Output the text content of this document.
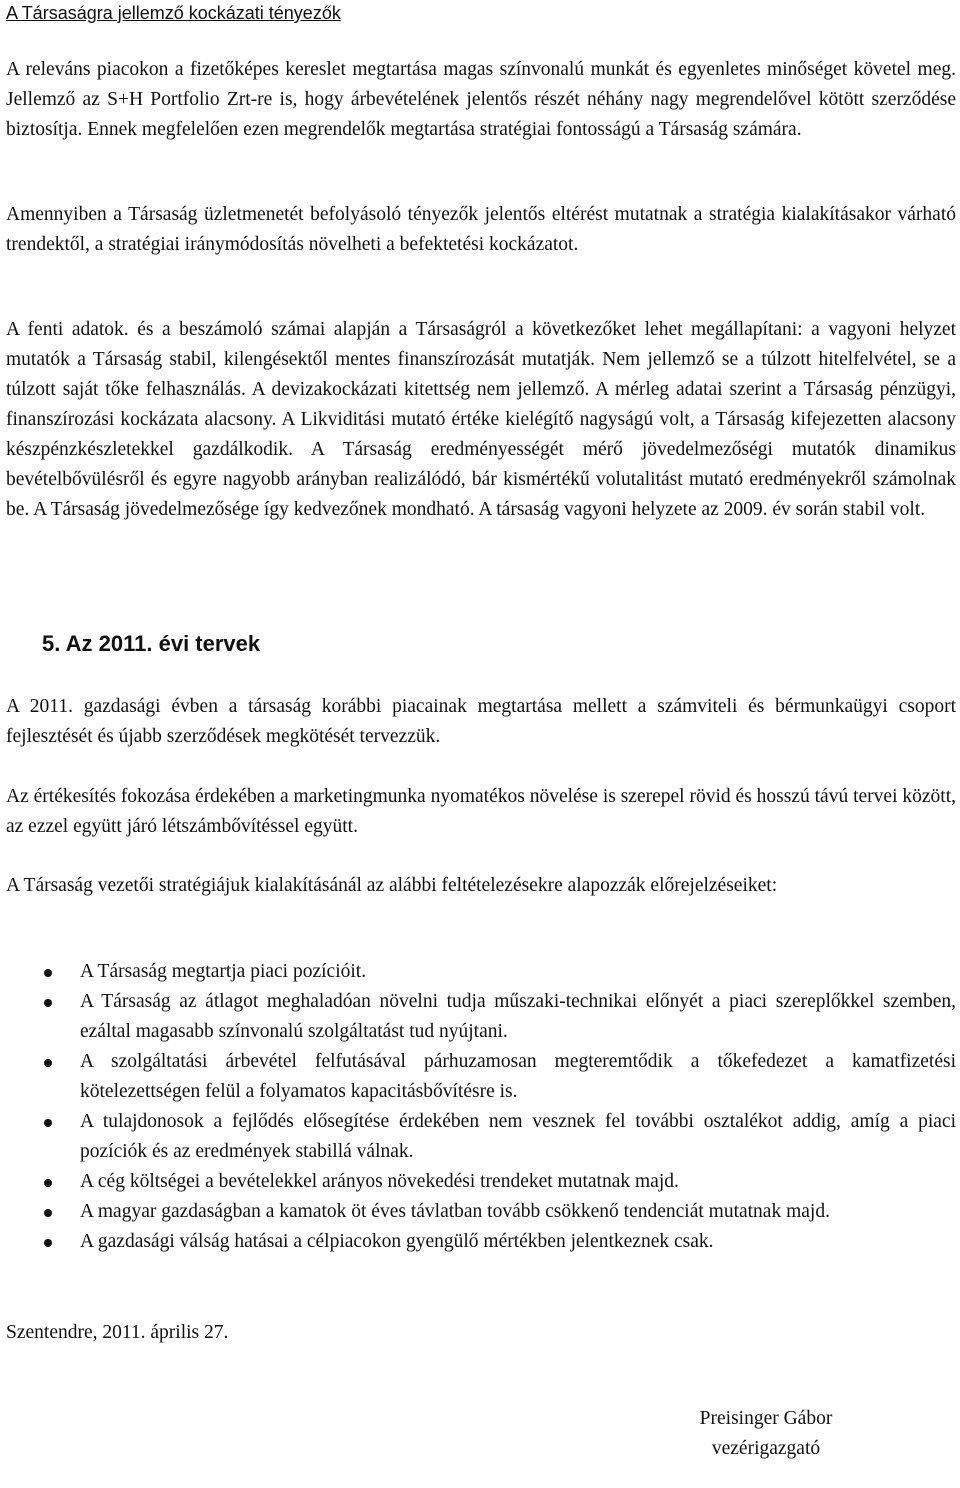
A Társaságra jellemző kockázati tényezők

A releváns piacokon a fizetőképes kereslet megtartása magas színvonalú munkát és egyenletes minőséget követel meg. Jellemző az S+H Portfolio Zrt-re is, hogy árbevételének jelentős részét néhány nagy megrendelővel kötött szerződése biztosítja. Ennek megfelelően ezen megrendelők megtartása stratégiai fontosságú a Társaság számára.

Amennyiben a Társaság üzletmenetét befolyásoló tényezők jelentős eltérést mutatnak a stratégia kialakításakor várható trendektől, a stratégiai iránymódosítás növelheti a befektetési kockázatot.

A fenti adatok. és a beszámoló számai alapján a Társaságról a következőket lehet megállapítani: a vagyoni helyzet mutatók a Társaság stabil, kilengésektől mentes finanszírozását mutatják. Nem jellemző se a túlzott hitelfelvétel, se a túlzott saját tőke felhasználás. A devizakockázati kitettség nem jellemző. A mérleg adatai szerint a Társaság pénzügyi, finanszírozási kockázata alacsony. A Likviditási mutató értéke kielégítő nagyságú volt, a Társaság kifejezetten alacsony készpénzkészletekkel gazdálkodik. A Társaság eredményességét mérő jövedelmezőségi mutatók dinamikus bevételbővülésről és egyre nagyobb arányban realizálódó, bár kismértékű volutalitást mutató eredményekről számolnak be. A Társaság jövedelmezősége így kedvezőnek mondható. A társaság vagyoni helyzete az 2009. év során stabil volt.

5. Az 2011. évi tervek

A 2011. gazdasági évben a társaság korábbi piacainak megtartása mellett a számviteli és bérmunkaügyi csoport fejlesztését és újabb szerződések megkötését tervezzük.

Az értékesítés fokozása érdekében a marketingmunka nyomatékos növelése is szerepel rövid és hosszú távú tervei között, az ezzel együtt járó létszámbővítéssel együtt.

A Társaság vezetői stratégiájuk kialakításánál az alábbi feltételezésekre alapozzák előrejelzéseiket:

A Társaság megtartja piaci pozícióit.
A Társaság az átlagot meghaladóan növelni tudja műszaki-technikai előnyét a piaci szereplőkkel szemben, ezáltal magasabb színvonalú szolgáltatást tud nyújtani.
A szolgáltatási árbevétel felfutásával párhuzamosan megteremtődik a tőkefedezet a kamatfizetési kötelezettségen felül a folyamatos kapacitásbővítésre is.
A tulajdonosok a fejlődés elősegítése érdekében nem vesznek fel további osztalékot addig, amíg a piaci pozíciók és az eredmények stabillá válnak.
A cég költségei a bevételekkel arányos növekedési trendeket mutatnak majd.
A magyar gazdaságban a kamatok öt éves távlatban tovább csökkenő tendenciát mutatnak majd.
A gazdasági válság hatásai a célpiacokon gyengülő mértékben jelentkeznek csak.

Szentendre, 2011. április 27.

Preisinger Gábor
vezérigazgató
